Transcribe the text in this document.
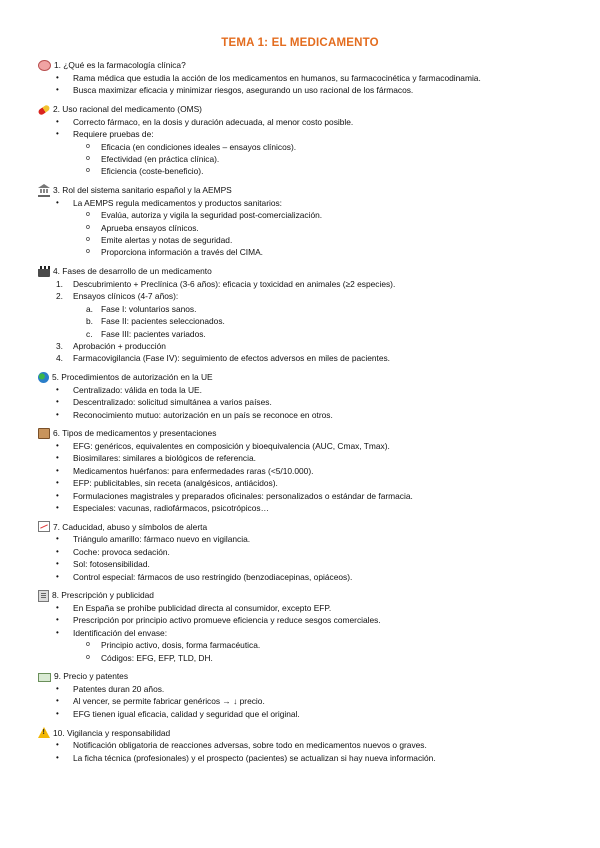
TEMA 1: EL MEDICAMENTO
1. ¿Qué es la farmacología clínica?
•	Rama médica que estudia la acción de los medicamentos en humanos, su farmacocinética y farmacodinamia.
•	Busca maximizar eficacia y minimizar riesgos, asegurando un uso racional de los fármacos.
2. Uso racional del medicamento (OMS)
•	Correcto fármaco, en la dosis y duración adecuada, al menor costo posible.
•	Requiere pruebas de:
o	Eficacia (en condiciones ideales – ensayos clínicos).
o	Efectividad (en práctica clínica).
o	Eficiencia (coste-beneficio).
3. Rol del sistema sanitario español y la AEMPS
•	La AEMPS regula medicamentos y productos sanitarios:
o	Evalúa, autoriza y vigila la seguridad post-comercialización.
o	Aprueba ensayos clínicos.
o	Emite alertas y notas de seguridad.
o	Proporciona información a través del CIMA.
4. Fases de desarrollo de un medicamento
1.	Descubrimiento + Preclínica (3-6 años): eficacia y toxicidad en animales (≥2 especies).
2.	Ensayos clínicos (4-7 años):
a. Fase I: voluntarios sanos.
b. Fase II: pacientes seleccionados.
c.	Fase III: pacientes variados.
3.	Aprobación + producción
4.	Farmacovigilancia (Fase IV): seguimiento de efectos adversos en miles de pacientes.
5. Procedimientos de autorización en la UE
•	Centralizado: válida en toda la UE.
•	Descentralizado: solicitud simultánea a varios países.
•	Reconocimiento mutuo: autorización en un país se reconoce en otros.
6. Tipos de medicamentos y presentaciones
•	EFG: genéricos, equivalentes en composición y bioequivalencia (AUC, Cmax, Tmax).
•	Biosimilares: similares a biológicos de referencia.
•	Medicamentos huérfanos: para enfermedades raras (<5/10.000).
•	EFP: publicitables, sin receta (analgésicos, antiácidos).
•	Formulaciones magistrales y preparados oficinales: personalizados o estándar de farmacia.
•	Especiales: vacunas, radiofármacos, psicotrópicos…
7. Caducidad, abuso y símbolos de alerta
•	Triángulo amarillo: fármaco nuevo en vigilancia.
•	Coche: provoca sedación.
•	Sol: fotosensibilidad.
•	Control especial: fármacos de uso restringido (benzodiacepinas, opiáceos).
8. Prescripción y publicidad
•	En España se prohíbe publicidad directa al consumidor, excepto EFP.
•	Prescripción por principio activo promueve eficiencia y reduce sesgos comerciales.
•	Identificación del envase:
o	Principio activo, dosis, forma farmacéutica.
o	Códigos: EFG, EFP, TLD, DH.
9. Precio y patentes
•	Patentes duran 20 años.
•	Al vencer, se permite fabricar genéricos → ↓ precio.
•	EFG tienen igual eficacia, calidad y seguridad que el original.
!
10. Vigilancia y responsabilidad
•	Notificación obligatoria de reacciones adversas, sobre todo en medicamentos nuevos o graves.
•	La ficha técnica (profesionales) y el prospecto (pacientes) se actualizan si hay nueva información.
